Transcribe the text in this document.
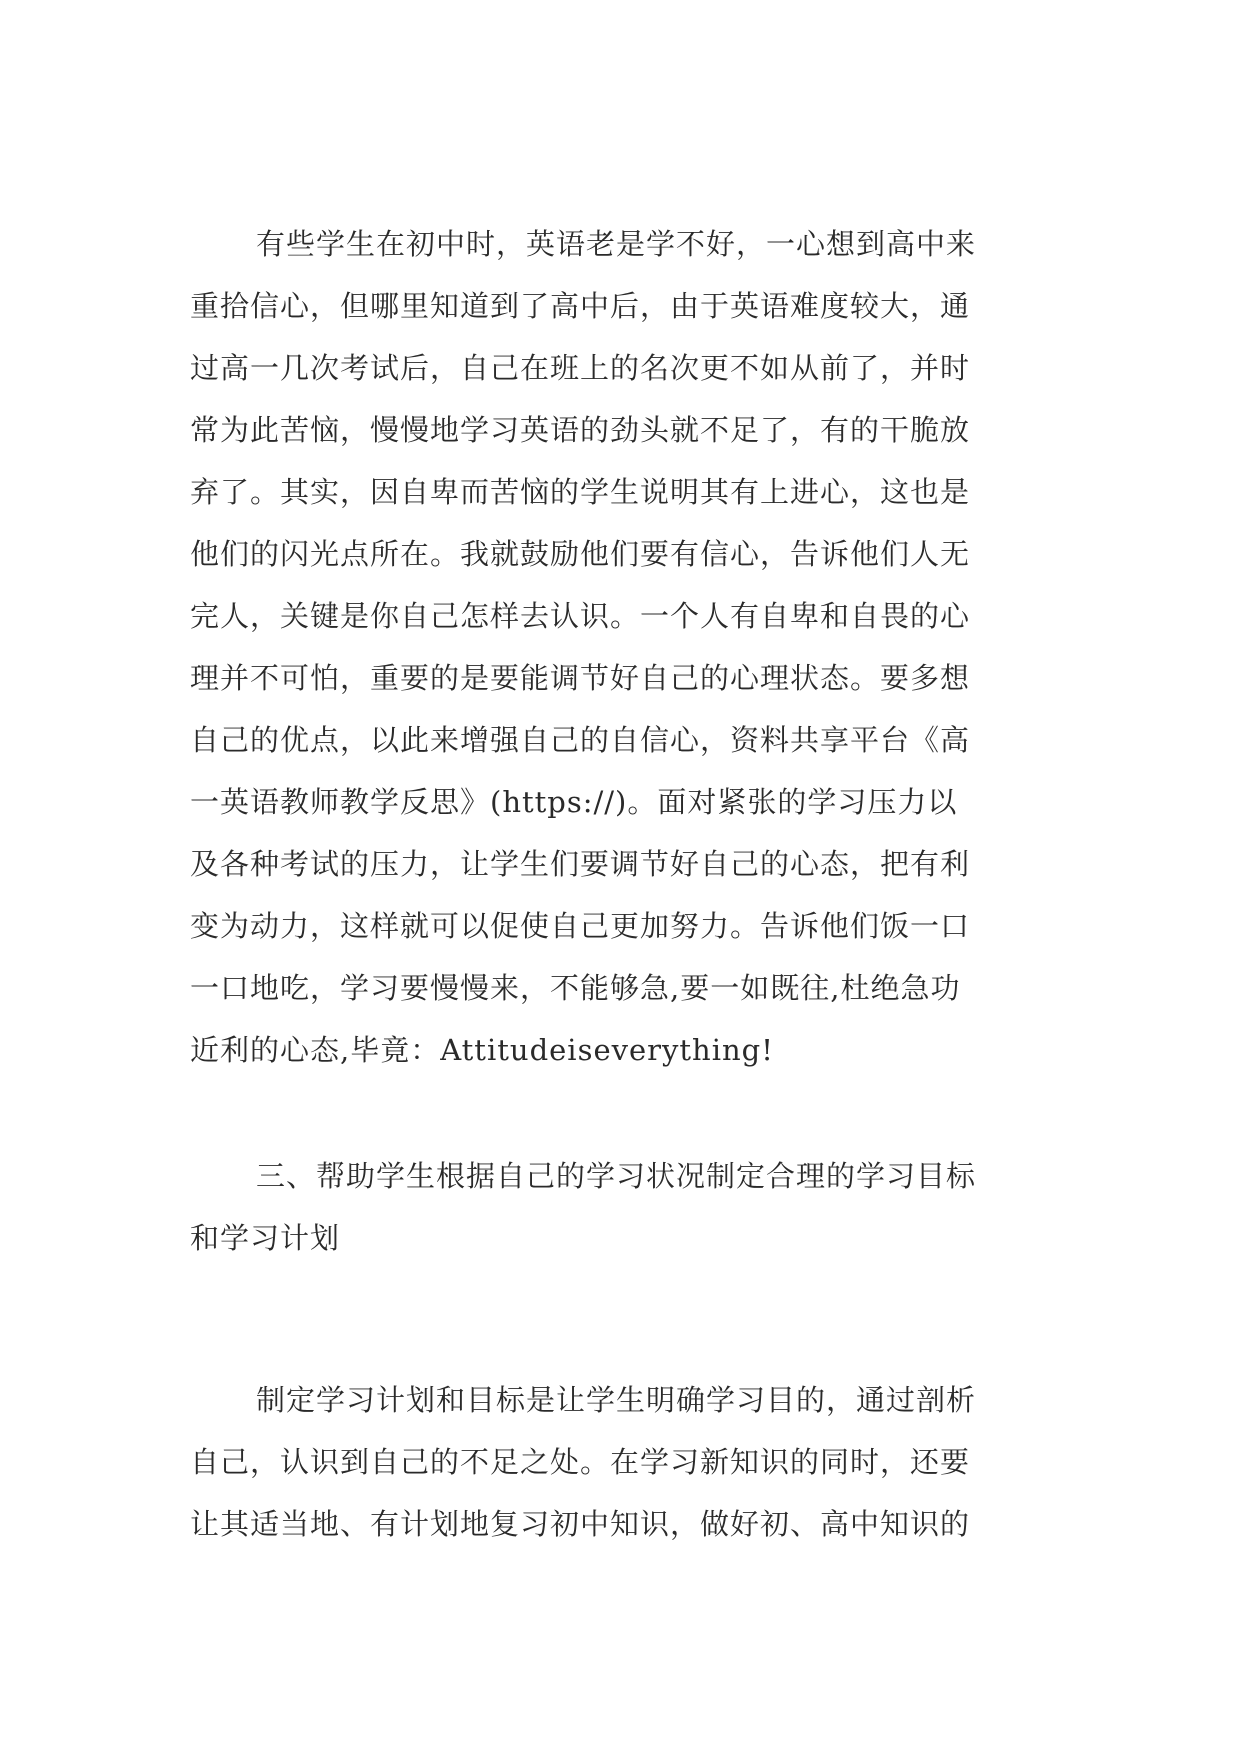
有些学生在初中时，英语老是学不好，一心想到高中来
重拾信心，但哪里知道到了高中后，由于英语难度较大，通
过高一几次考试后，自己在班上的名次更不如从前了，并时
常为此苦恼，慢慢地学习英语的劲头就不足了，有的干脆放
弃了。其实，因自卑而苦恼的学生说明其有上进心，这也是
他们的闪光点所在。我就鼓励他们要有信心，告诉他们人无
完人，关键是你自己怎样去认识。一个人有自卑和自畏的心
理并不可怕，重要的是要能调节好自己的心理状态。要多想
自己的优点，以此来增强自己的自信心，资料共享平台《高
一英语教师教学反思》(https://)。面对紧张的学习压力以
及各种考试的压力，让学生们要调节好自己的心态，把有利
变为动力，这样就可以促使自己更加努力。告诉他们饭一口
一口地吃，学习要慢慢来，不能够急,要一如既往,杜绝急功
近利的心态,毕竟：Attitudeiseverything!
三、帮助学生根据自己的学习状况制定合理的学习目标
和学习计划
制定学习计划和目标是让学生明确学习目的，通过剖析
自己，认识到自己的不足之处。在学习新知识的同时，还要
让其适当地、有计划地复习初中知识，做好初、高中知识的
